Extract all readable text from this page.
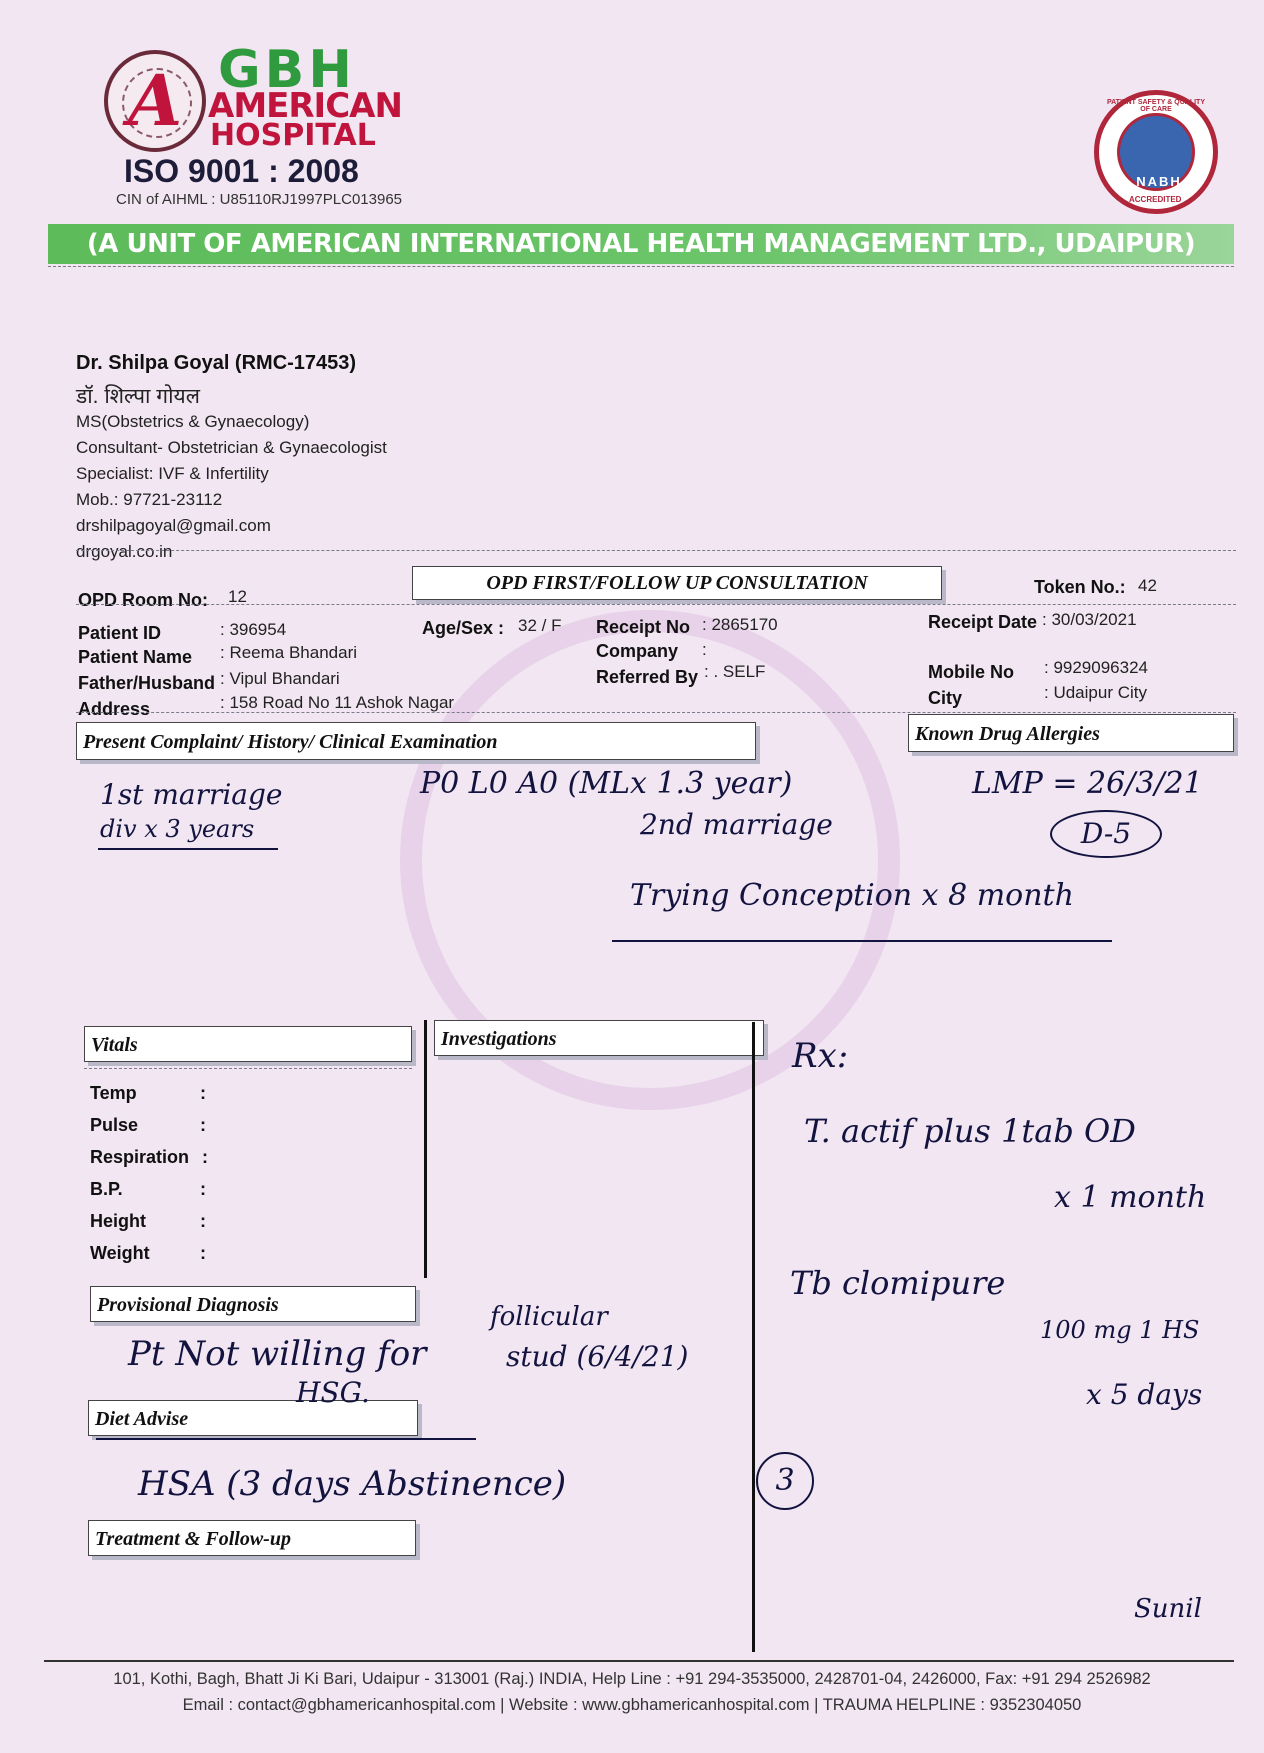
A GBH
AMERICAN
HOSPITAL
ISO 9001 : 2008
CIN of AIHML : U85110RJ1997PLC013965
PATIENT SAFETY & QUALITY OF CARE
NABH
ACCREDITED
(A UNIT OF AMERICAN INTERNATIONAL HEALTH MANAGEMENT LTD., UDAIPUR)
Dr. Shilpa Goyal (RMC-17453)
डॉ. शिल्पा गोयल
MS(Obstetrics & Gynaecology)
Consultant- Obstetrician & Gynaecologist
Specialist: IVF & Infertility
Mob.: 97721-23112
drshilpagoyal@gmail.com
drgoyal.co.in
OPD Room No: 12
OPD FIRST/FOLLOW UP CONSULTATION	Token No.: 42
Patient ID	: 396954
Patient Name : Reema Bhandari
Father/Husband : Vipul Bhandari
Address	: 158 Road No 11 Ashok Nagar
Age/Sex : 32 / F Receipt No : 2865170
Company :
Referred By : . SELF
Receipt Date : 30/03/2021
Mobile No : 9929096324
City	: Udaipur City
Present Complaint/ History/ Clinical Examination	Known Drug Allergies
Vitals	Investigations
Temp	:
Pulse	:
Respiration :
B.P.	:
Height	:
Weight	:
Provisional Diagnosis
Diet Advise
Treatment & Follow-up
1st marriage
div x 3 years
P0 L0 A0 (MLx 1.3 year)
2nd marriage
LMP = 26/3/21
D-5
Trying Conception x 8 month
Rx:
T. actif plus 1tab OD
x 1 month
Tb clomipure
100 mg 1 HS
x 5 days
3
Pt Not willing for
HSG.
follicular
stud (6/4/21)
HSA (3 days Abstinence)
Sunil
101, Kothi, Bagh, Bhatt Ji Ki Bari, Udaipur - 313001 (Raj.) INDIA, Help Line : +91 294-3535000, 2428701-04, 2426000, Fax: +91 294 2526982
Email : contact@gbhamericanhospital.com | Website : www.gbhamericanhospital.com | TRAUMA HELPLINE : 9352304050
